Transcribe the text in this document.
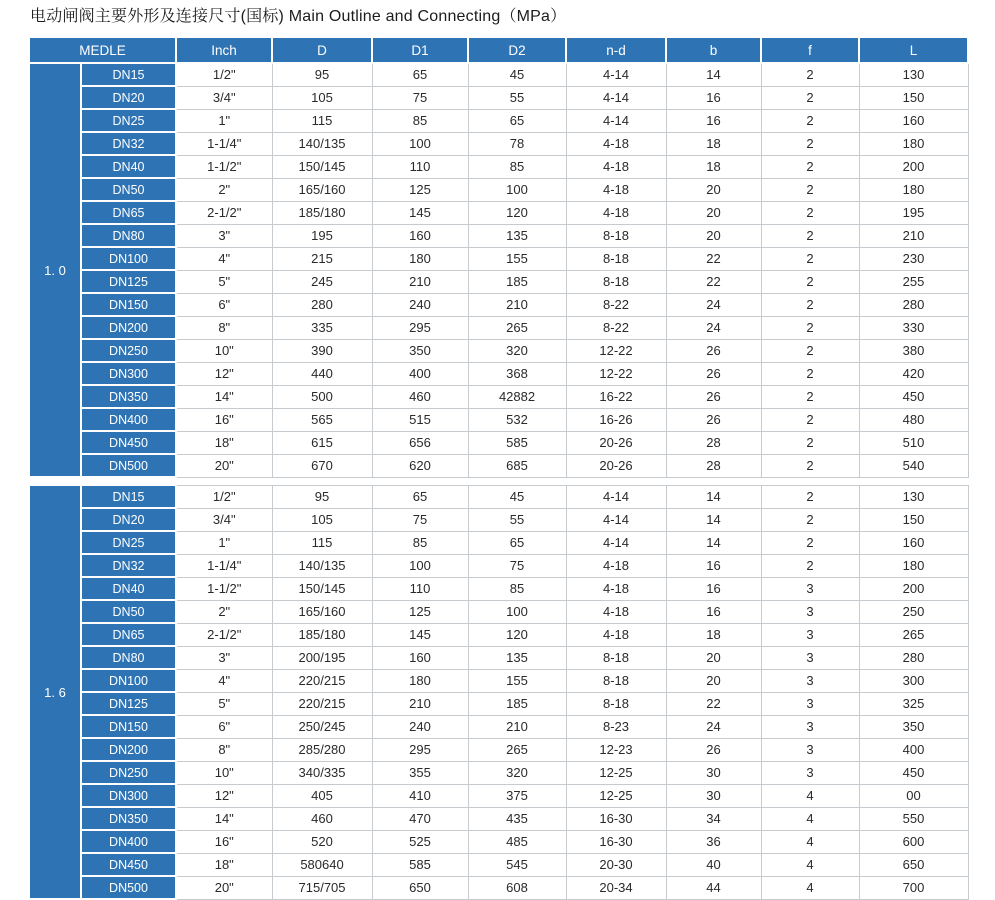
电动闸阀主要外形及连接尺寸(国标) Main Outline and Connecting（MPa）
MEDLE		Inch	D	D1	D2	n-d	b	f	L
1. 0	DN15	1/2"	95	65	45	4-14	14	2	130
	DN20	3/4"	105	75	55	4-14	16	2	150
	DN25	1"	115	85	65	4-14	16	2	160
	DN32	1-1/4"	140/135	100	78	4-18	18	2	180
	DN40	1-1/2"	150/145	110	85	4-18	18	2	200
	DN50	2"	165/160	125	100	4-18	20	2	180
	DN65	2-1/2"	185/180	145	120	4-18	20	2	195
	DN80	3"	195	160	135	8-18	20	2	210
	DN100	4"	215	180	155	8-18	22	2	230
	DN125	5"	245	210	185	8-18	22	2	255
	DN150	6"	280	240	210	8-22	24	2	280
	DN200	8"	335	295	265	8-22	24	2	330
	DN250	10"	390	350	320	12-22	26	2	380
	DN300	12"	440	400	368	12-22	26	2	420
	DN350	14"	500	460	42882	16-22	26	2	450
	DN400	16"	565	515	532	16-26	26	2	480
	DN450	18"	615	656	585	20-26	28	2	510
	DN500	20"	670	620	685	20-26	28	2	540

1. 6	DN15	1/2"	95	65	45	4-14	14	2	130
	DN20	3/4"	105	75	55	4-14	14	2	150
	DN25	1"	115	85	65	4-14	14	2	160
	DN32	1-1/4"	140/135	100	75	4-18	16	2	180
	DN40	1-1/2"	150/145	110	85	4-18	16	3	200
	DN50	2"	165/160	125	100	4-18	16	3	250
	DN65	2-1/2"	185/180	145	120	4-18	18	3	265
	DN80	3"	200/195	160	135	8-18	20	3	280
	DN100	4"	220/215	180	155	8-18	20	3	300
	DN125	5"	220/215	210	185	8-18	22	3	325
	DN150	6"	250/245	240	210	8-23	24	3	350
	DN200	8"	285/280	295	265	12-23	26	3	400
	DN250	10"	340/335	355	320	12-25	30	3	450
	DN300	12"	405	410	375	12-25	30	4	00
	DN350	14"	460	470	435	16-30	34	4	550
	DN400	16"	520	525	485	16-30	36	4	600
	DN450	18"	580640	585	545	20-30	40	4	650
	DN500	20"	715/705	650	608	20-34	44	4	700
